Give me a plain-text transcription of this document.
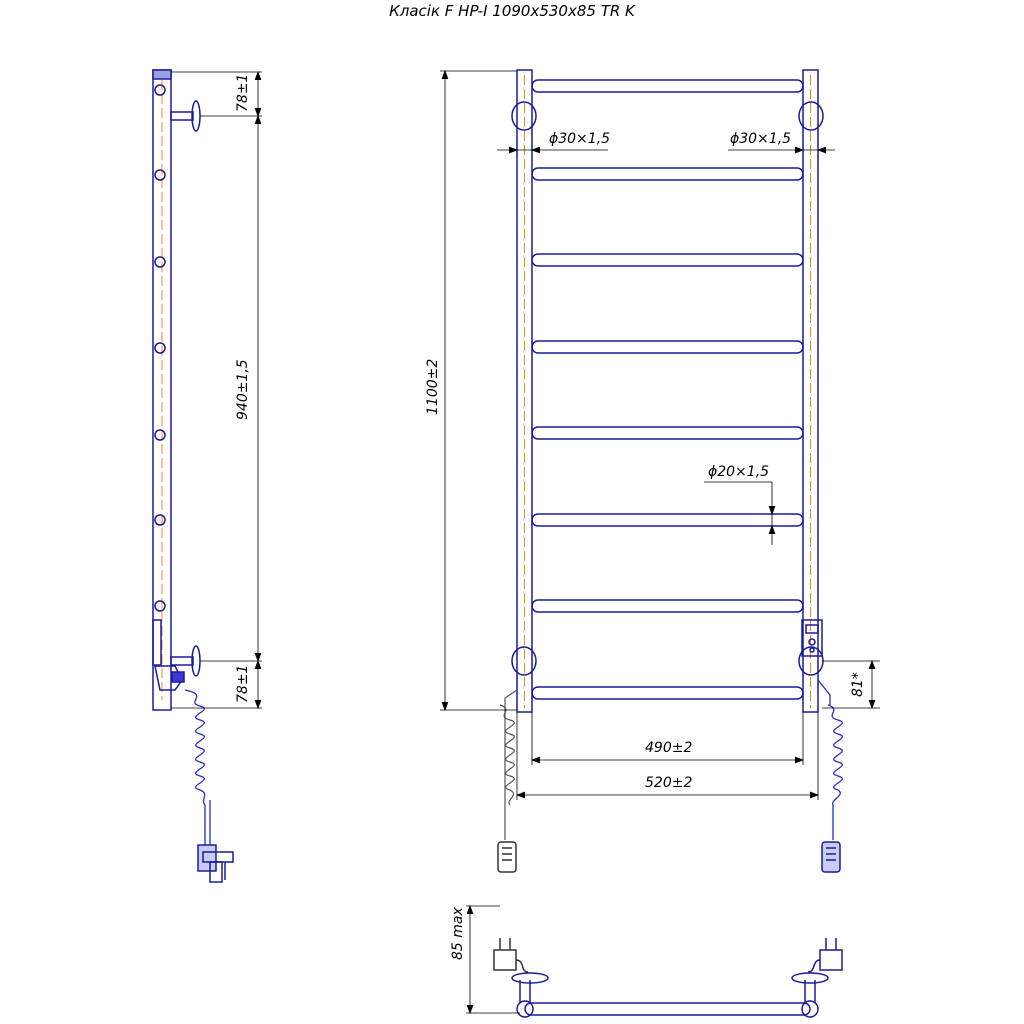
Класік F HP-I 1090x530x85 TR K
78±1
940±1,5
78±1
1100±2
ϕ30×1,5	ϕ30×1,5
ϕ20×1,5
490±2
520±2
81*
85 max
